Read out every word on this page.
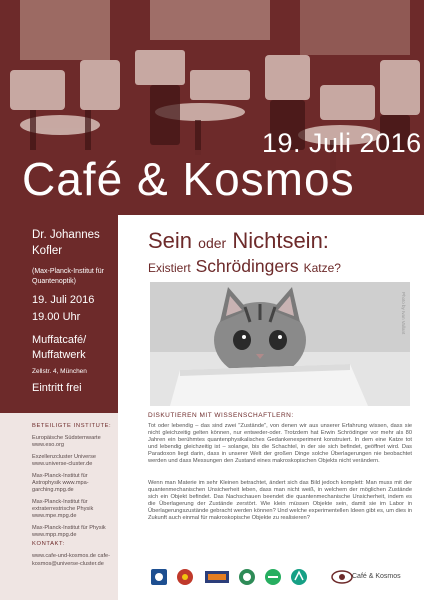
19. Juli 2016
Café & Kosmos
Dr. Johannes Kofler
(Max-Planck-Institut für Quantenoptik)
19. Juli 2016
19.00 Uhr
Muffatcafé/ Muffatwerk
Zellstr. 4, München
Eintritt frei
BETEILIGTE INSTITUTE:
Europäische Südsternwarte www.eso.org
Exzellenzcluster Universe www.universe-cluster.de
Max-Planck-Institut für Astrophysik www.mpa-garching.mpg.de
Max-Planck-Institut für extraterrestrische Physik www.mpe.mpg.de
Max-Planck-Institut für Physik www.mpp.mpg.de
KONTAKT:
www.cafe-und-kosmos.de cafe-kosmos@universe-cluster.de
Sein oder Nichtsein:
Existiert Schrödingers Katze?
Photo by Ivan Vallant
DISKUTIEREN MIT WISSENSCHAFTLERN:
Tot oder lebendig – das sind zwei "Zustände", von denen wir aus unserer Erfahrung wissen, dass sie nicht gleichzeitig gelten können, nur entweder-oder. Trotzdem hat Erwin Schrödinger vor mehr als 80 Jahren ein berühmtes quantenphysikalisches Gedankenexperiment konstruiert. In dem eine Katze tot und lebendig gleichzeitig ist – solange, bis die Schachtel, in der sie sich befindet, geöffnet wird. Das Paradoxon liegt darin, dass in unserer Welt der großen Dinge solche Überlagerungen nie beobachtet werden und dass Messungen den Zustand eines makroskopischen Objekts nicht verändern.
Wenn man Materie im sehr Kleinen betrachtet, ändert sich das Bild jedoch komplett: Man muss mit der quantenmechanischen Unsicherheit leben, dass man nicht weiß, in welchem der möglichen Zustände sich ein Objekt befindet. Das Nachschauen beendet die quantenmechanische Unsicherheit, indem es die Überlagerung der Zustände zerstört. Wie klein müssen Objekte sein, damit sie im Labor in Überlagerungszustände gebracht werden können? Und welche experimentellen Ideen gibt es, um dies in Zukunft auch einmal für makroskopische Objekte zu realisieren?
Café & Kosmos
